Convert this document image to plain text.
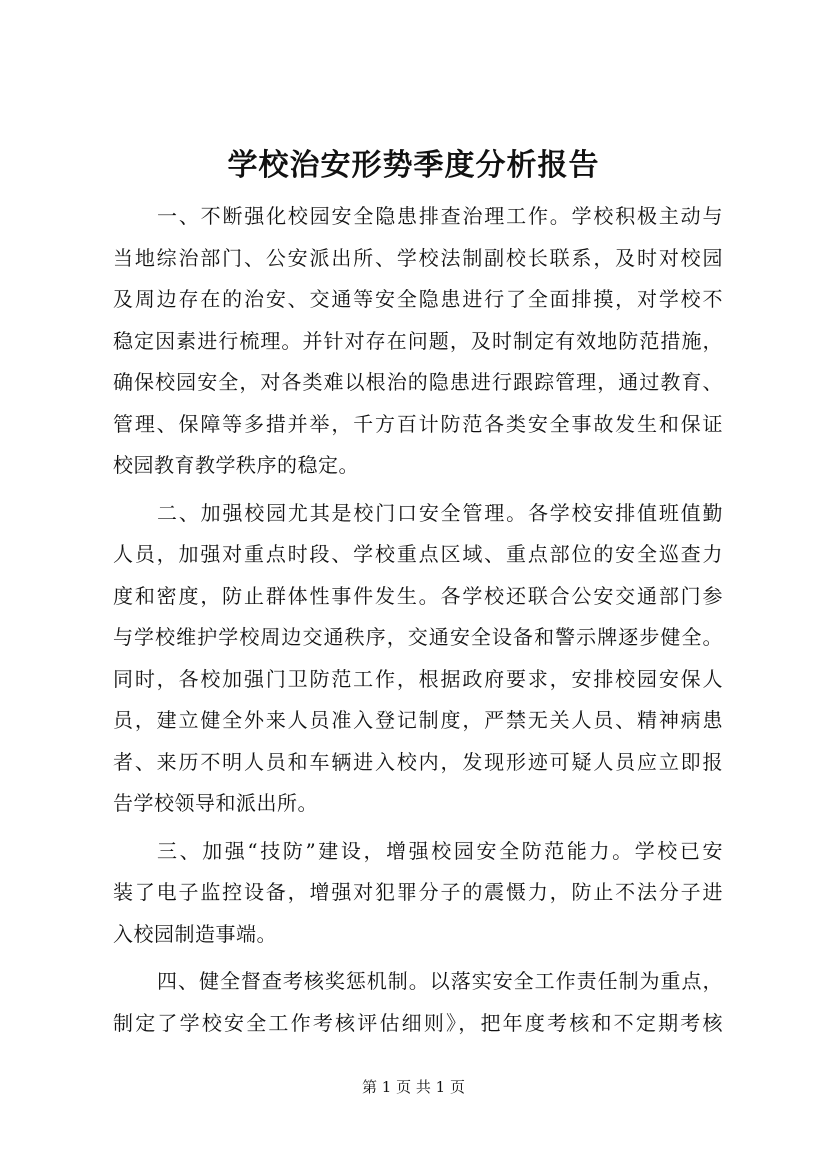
学校治安形势季度分析报告
一、不断强化校园安全隐患排查治理工作。学校积极主动与
当地综治部门、公安派出所、学校法制副校长联系，及时对校园
及周边存在的治安、交通等安全隐患进行了全面排摸，对学校不
稳定因素进行梳理。并针对存在问题，及时制定有效地防范措施，
确保校园安全，对各类难以根治的隐患进行跟踪管理，通过教育、
管理、保障等多措并举，千方百计防范各类安全事故发生和保证
校园教育教学秩序的稳定。
二、加强校园尤其是校门口安全管理。各学校安排值班值勤
人员，加强对重点时段、学校重点区域、重点部位的安全巡查力
度和密度，防止群体性事件发生。各学校还联合公安交通部门参
与学校维护学校周边交通秩序，交通安全设备和警示牌逐步健全。
同时，各校加强门卫防范工作，根据政府要求，安排校园安保人
员，建立健全外来人员准入登记制度，严禁无关人员、精神病患
者、来历不明人员和车辆进入校内，发现形迹可疑人员应立即报
告学校领导和派出所。
三、加强“技防”建设，增强校园安全防范能力。学校已安
装了电子监控设备，增强对犯罪分子的震慑力，防止不法分子进
入校园制造事端。
四、健全督查考核奖惩机制。以落实安全工作责任制为重点，
制定了学校安全工作考核评估细则》，把年度考核和不定期考核
第 1 页 共 1 页
